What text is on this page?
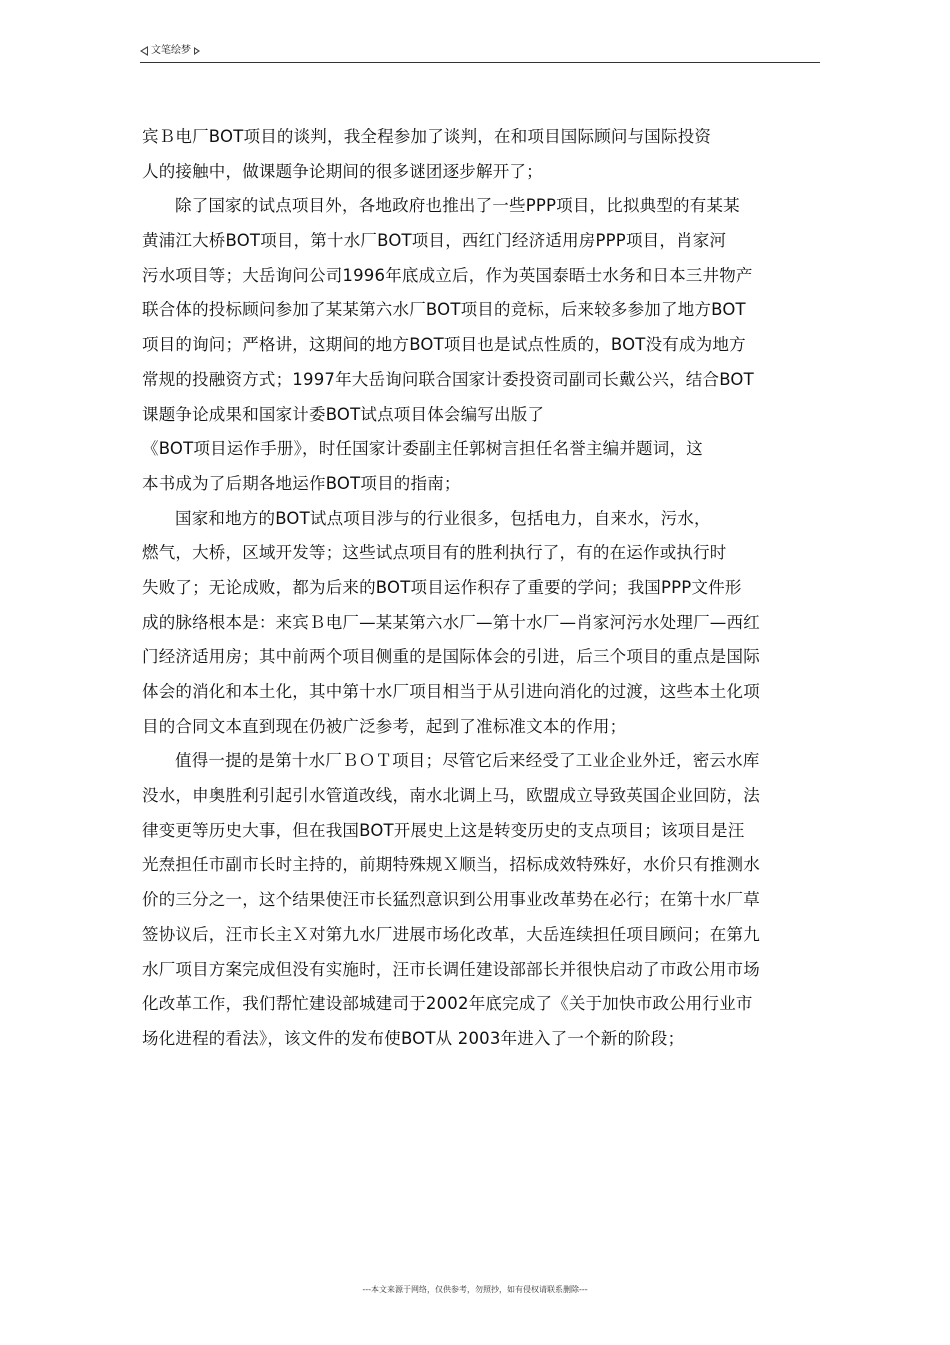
文笔绘梦
宾Ｂ电厂BOT项目的谈判，我全程参加了谈判，在和项目国际顾问与国际投资
人的接触中，做课题争论期间的很多谜团逐步解开了；
除了国家的试点项目外，各地政府也推出了一些PPP项目，比拟典型的有某某
黄浦江大桥BOT项目，第十水厂BOT项目，西红门经济适用房PPP项目，肖家河
污水项目等；大岳询问公司1996年底成立后，作为英国泰晤士水务和日本三井物产
联合体的投标顾问参加了某某第六水厂BOT项目的竞标，后来较多参加了地方BOT
项目的询问；严格讲，这期间的地方BOT项目也是试点性质的，BOT没有成为地方
常规的投融资方式；1997年大岳询问联合国家计委投资司副司长戴公兴，结合BOT
课题争论成果和国家计委BOT试点项目体会编写出版了
《BOT项目运作手册》，时任国家计委副主任郭树言担任名誉主编并题词，这
本书成为了后期各地运作BOT项目的指南；
国家和地方的BOT试点项目涉与的行业很多，包括电力，自来水，污水，
燃气，大桥，区域开发等；这些试点项目有的胜利执行了，有的在运作或执行时
失败了；无论成败，都为后来的BOT项目运作积存了重要的学问；我国PPP文件形
成的脉络根本是：来宾Ｂ电厂—某某第六水厂—第十水厂—肖家河污水处理厂—西红
门经济适用房；其中前两个项目侧重的是国际体会的引进，后三个项目的重点是国际
体会的消化和本土化，其中第十水厂项目相当于从引进向消化的过渡，这些本土化项
目的合同文本直到现在仍被广泛参考，起到了准标准文本的作用；
值得一提的是第十水厂ＢＯＴ项目；尽管它后来经受了工业企业外迁，密云水库
没水，申奥胜利引起引水管道改线，南水北调上马，欧盟成立导致英国企业回防，法
律变更等历史大事，但在我国BOT开展史上这是转变历史的支点项目；该项目是汪
光焘担任市副市长时主持的，前期特殊规Ｘ顺当，招标成效特殊好，水价只有推测水
价的三分之一，这个结果使汪市长猛烈意识到公用事业改革势在必行；在第十水厂草
签协议后，汪市长主Ｘ对第九水厂进展市场化改革，大岳连续担任项目顾问；在第九
水厂项目方案完成但没有实施时，汪市长调任建设部部长并很快启动了市政公用市场
化改革工作，我们帮忙建设部城建司于2002年底完成了《关于加快市政公用行业市
场化进程的看法》，该文件的发布使BOT从 2003年进入了一个新的阶段；
---本文来源于网络，仅供参考，勿照抄，如有侵权请联系删除---
